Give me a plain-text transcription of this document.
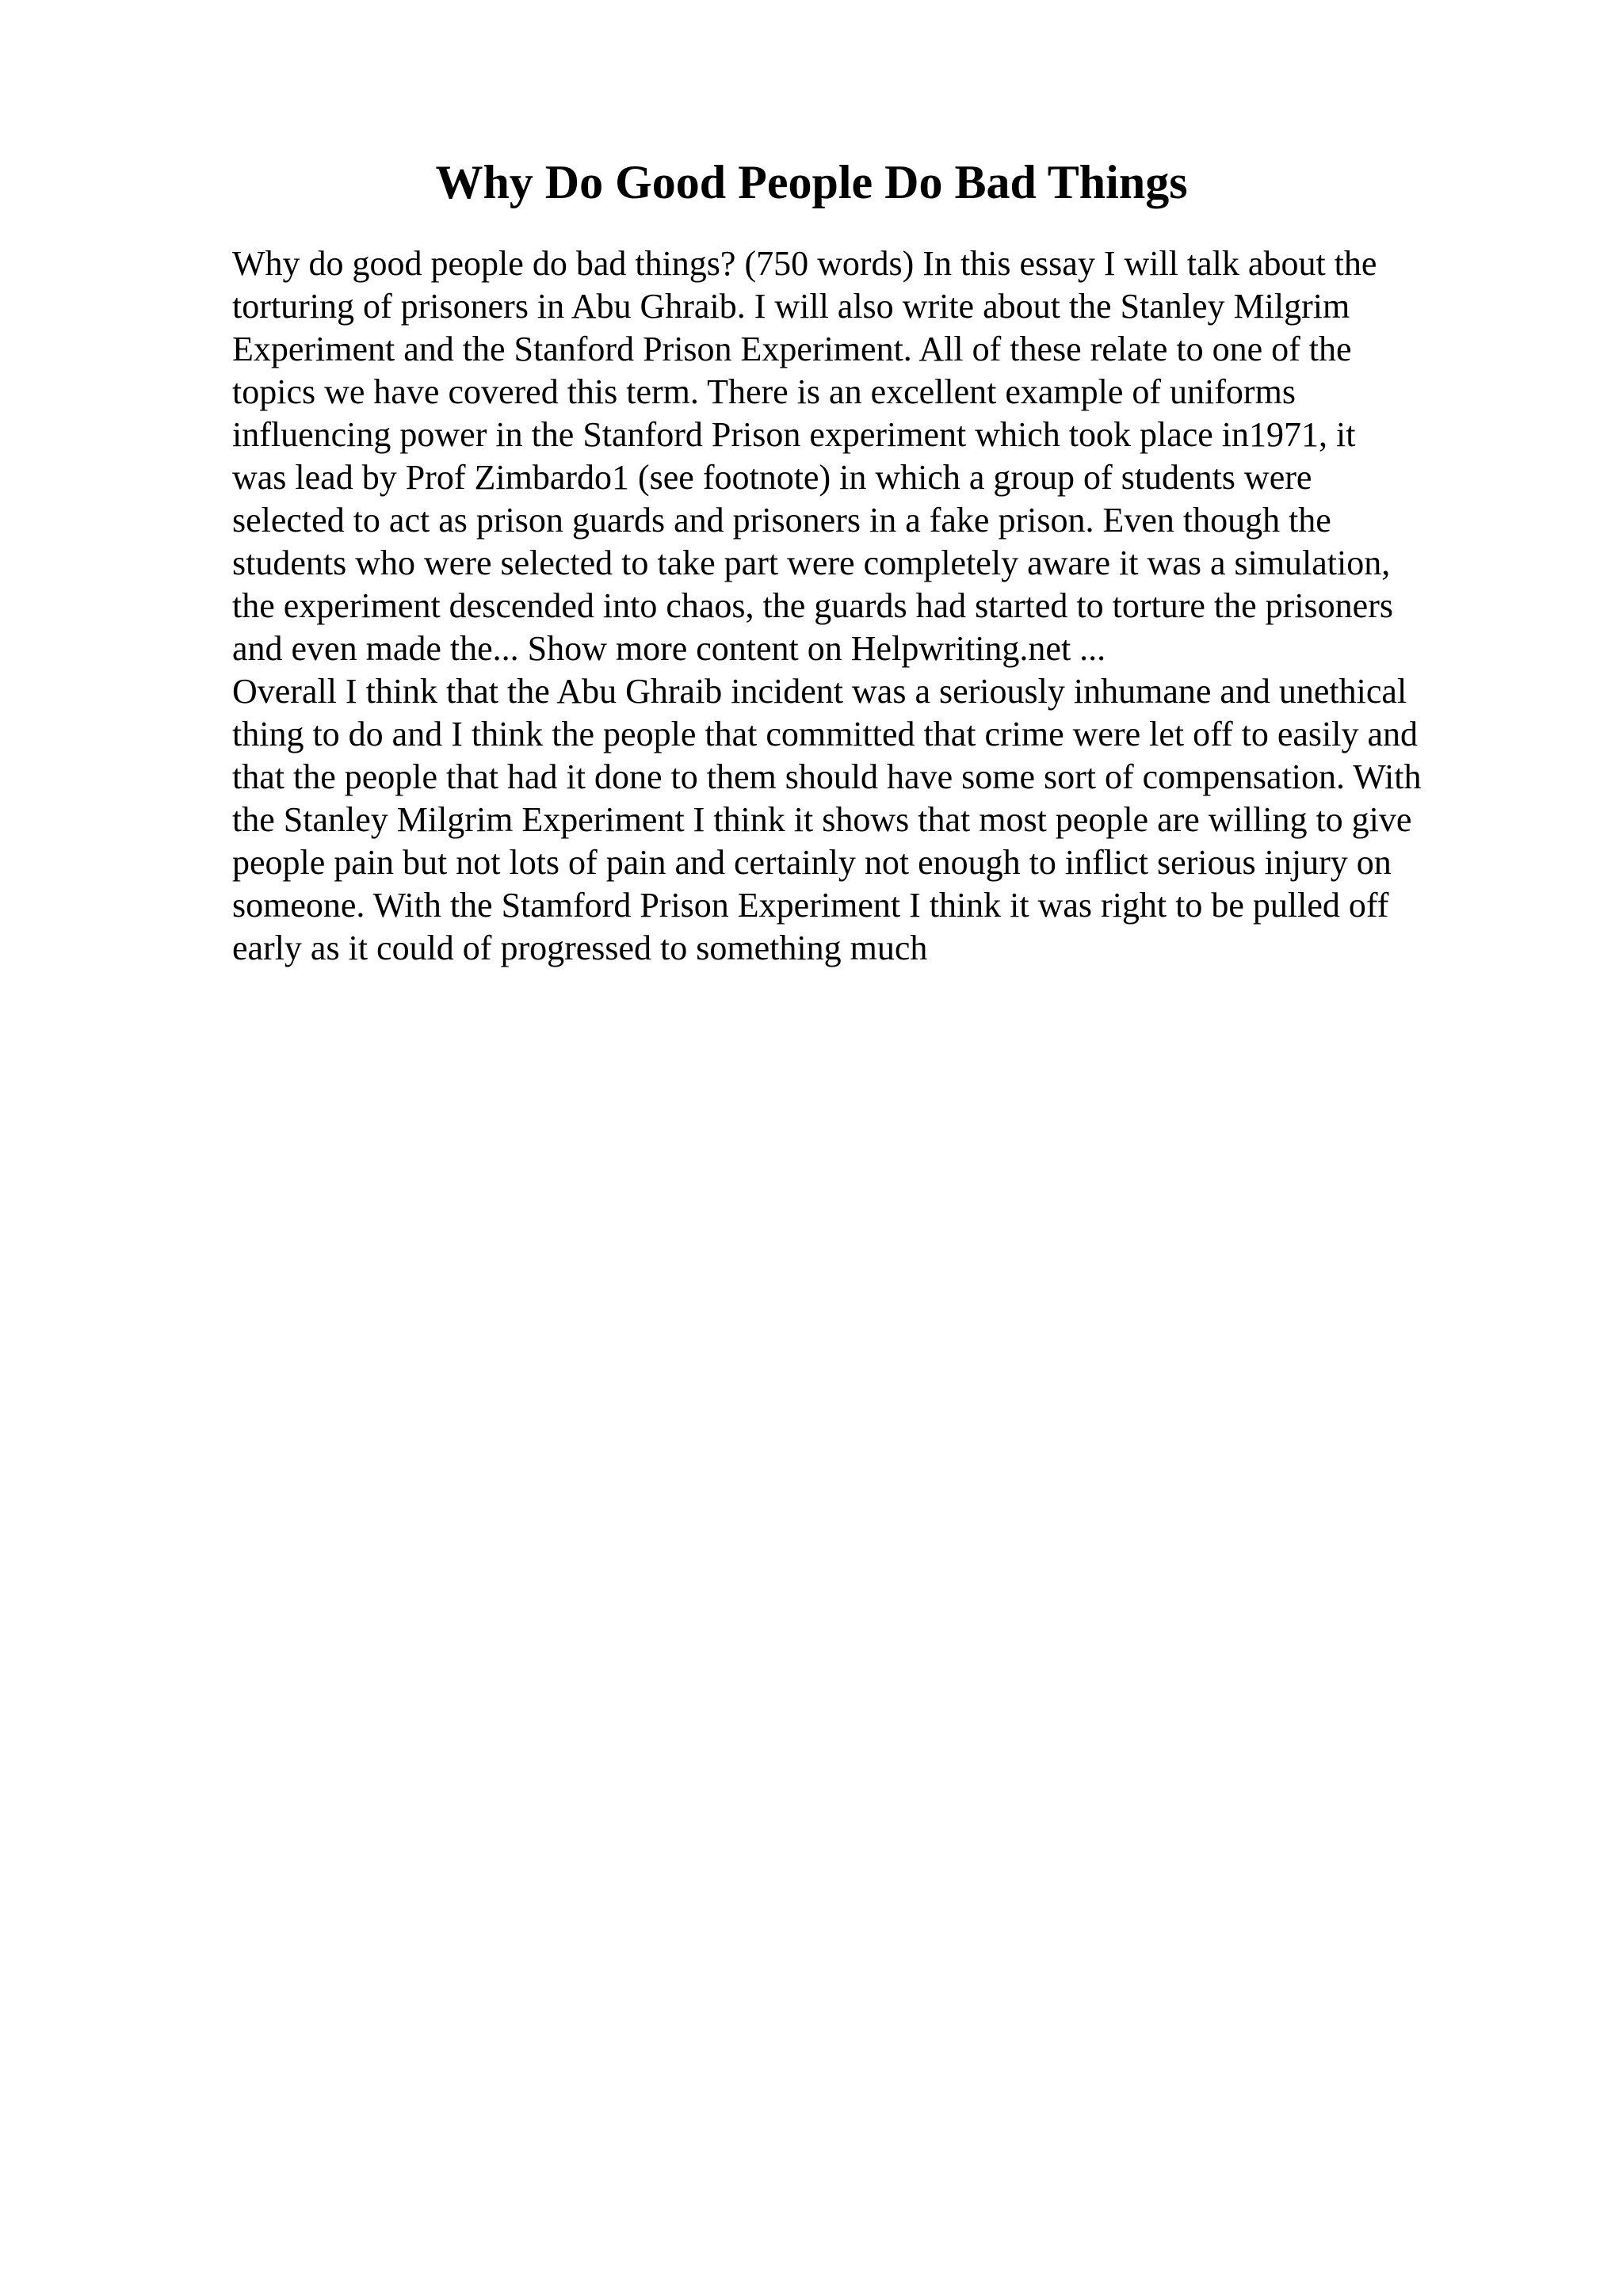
Why Do Good People Do Bad Things
Why do good people do bad things? (750 words) In this essay I will talk about the
torturing of prisoners in Abu Ghraib. I will also write about the Stanley Milgrim
Experiment and the Stanford Prison Experiment. All of these relate to one of the
topics we have covered this term. There is an excellent example of uniforms
influencing power in the Stanford Prison experiment which took place in1971, it
was lead by Prof Zimbardo1 (see footnote) in which a group of students were
selected to act as prison guards and prisoners in a fake prison. Even though the
students who were selected to take part were completely aware it was a simulation,
the experiment descended into chaos, the guards had started to torture the prisoners
and even made the... Show more content on Helpwriting.net ...
Overall I think that the Abu Ghraib incident was a seriously inhumane and unethical
thing to do and I think the people that committed that crime were let off to easily and
that the people that had it done to them should have some sort of compensation. With
the Stanley Milgrim Experiment I think it shows that most people are willing to give
people pain but not lots of pain and certainly not enough to inflict serious injury on
someone. With the Stamford Prison Experiment I think it was right to be pulled off
early as it could of progressed to something much
